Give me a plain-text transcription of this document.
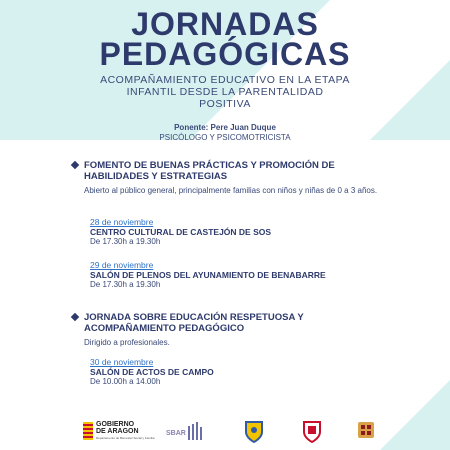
JORNADAS
PEDAGÓGICAS
ACOMPAÑAMIENTO EDUCATIVO EN LA ETAPA INFANTIL DESDE LA PARENTALIDAD POSITIVA
Ponente: Pere Juan Duque
PSICÓLOGO Y PSICOMOTRICISTA
FOMENTO DE BUENAS PRÁCTICAS Y PROMOCIÓN DE HABILIDADES Y ESTRATEGIAS
Abierto al público general, principalmente familias con niños y niñas de 0 a 3 años.
28 de noviembre
CENTRO CULTURAL DE CASTEJÓN DE SOS
De 17.30h a 19.30h
29 de noviembre
SALÓN DE PLENOS DEL AYUNAMIENTO DE BENABARRE
De 17.30h a 19.30h
JORNADA SOBRE EDUCACIÓN RESPETUOSA Y ACOMPAÑAMIENTO PEDAGÓGICO
Dirigido a profesionales.
30 de noviembre
SALÓN DE ACTOS DE CAMPO
De 10.00h a 14.00h
GOBIERNO DE ARAGON
Departamento de Bienestar Social y Familia
SBAR
